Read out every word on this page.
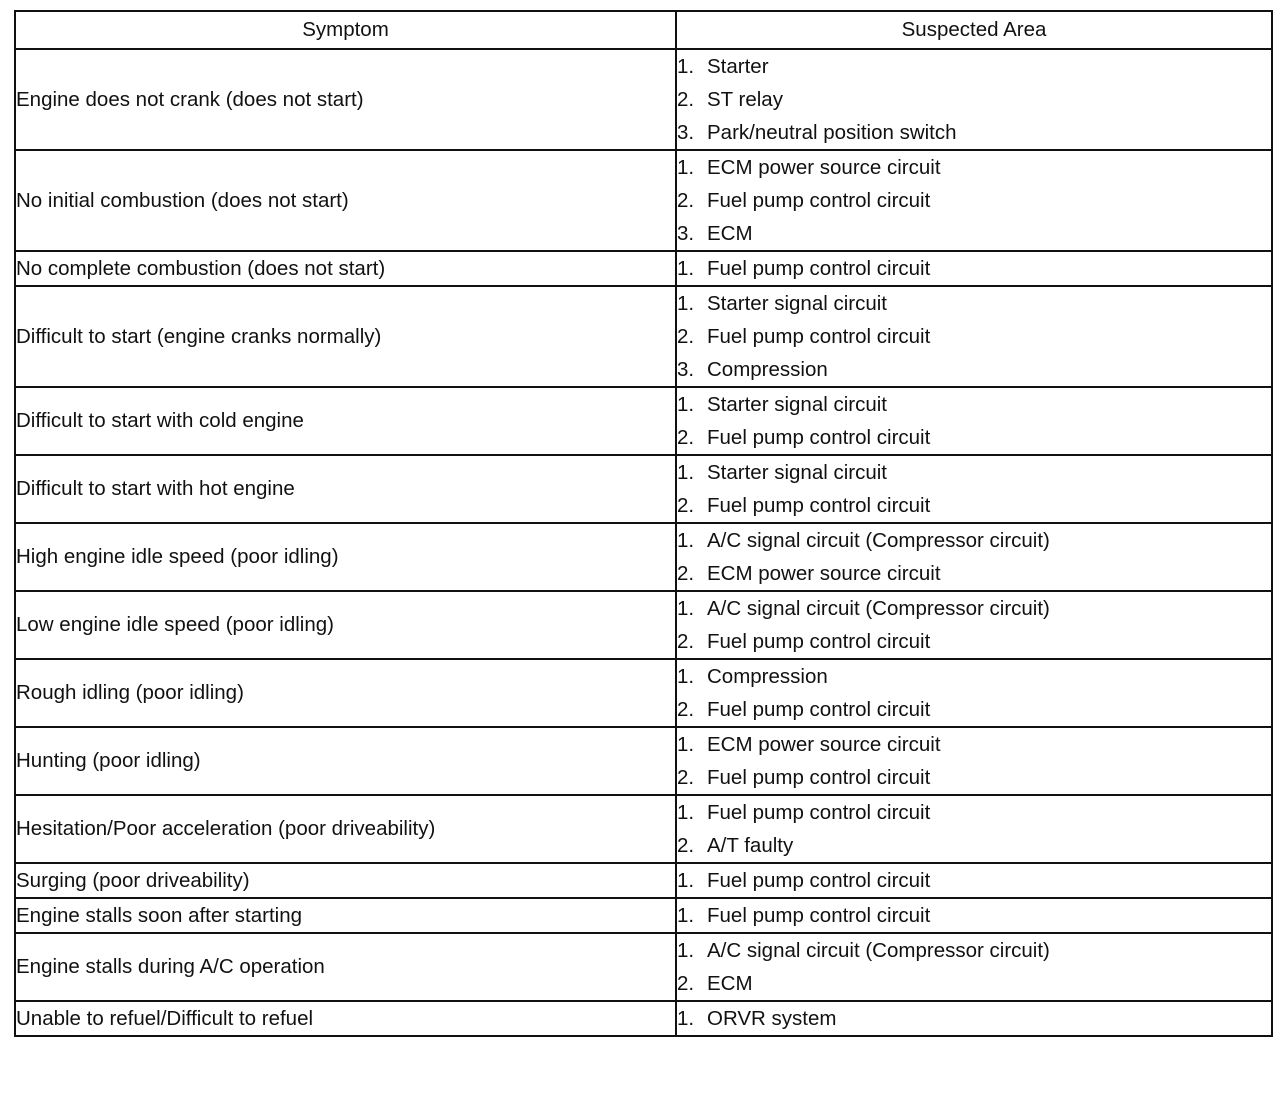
Symptom	Suspected Area
Engine does not crank (does not start)	1. Starter
2. ST relay
3. Park/neutral position switch

No initial combustion (does not start)	1. ECM power source circuit
2. Fuel pump control circuit
3. ECM

No complete combustion (does not start)	1. Fuel pump control circuit

Difficult to start (engine cranks normally)	1. Starter signal circuit
2. Fuel pump control circuit
3. Compression

Difficult to start with cold engine	1. Starter signal circuit
2. Fuel pump control circuit

Difficult to start with hot engine	1. Starter signal circuit
2. Fuel pump control circuit

High engine idle speed (poor idling)	1. A/C signal circuit (Compressor circuit)
2. ECM power source circuit

Low engine idle speed (poor idling)	1. A/C signal circuit (Compressor circuit)
2. Fuel pump control circuit

Rough idling (poor idling)	1. Compression
2. Fuel pump control circuit

Hunting (poor idling)	1. ECM power source circuit
2. Fuel pump control circuit

Hesitation/Poor acceleration (poor driveability)	1. Fuel pump control circuit
2. A/T faulty

Surging (poor driveability)	1. Fuel pump control circuit

Engine stalls soon after starting	1. Fuel pump control circuit

Engine stalls during A/C operation	1. A/C signal circuit (Compressor circuit)
2. ECM

Unable to refuel/Difficult to refuel	1. ORVR system
